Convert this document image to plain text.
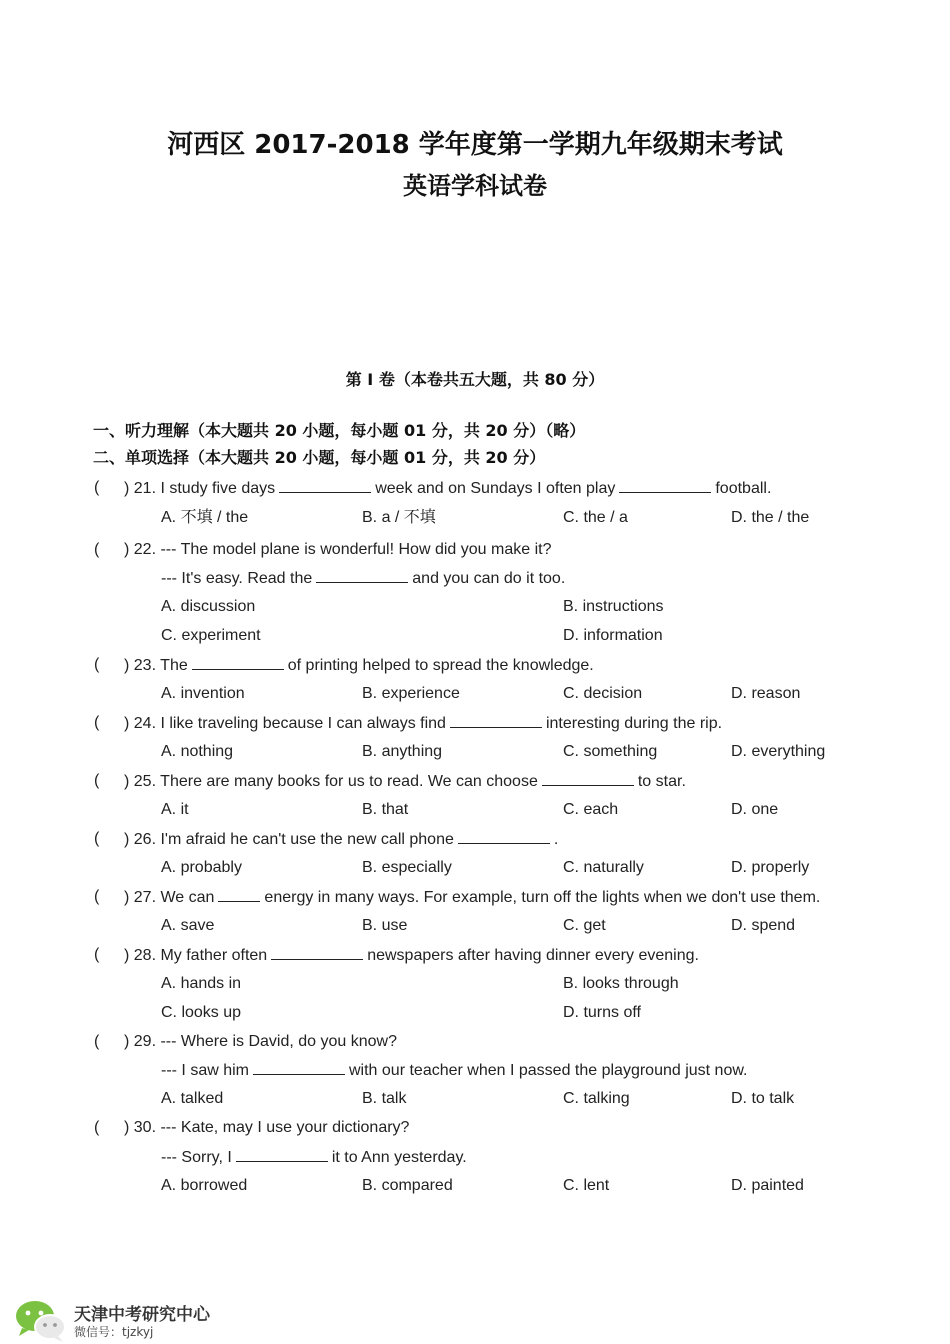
河西区 2017-2018 学年度第一学期九年级期末考试
英语学科试卷
第 I 卷（本卷共五大题，共 80 分）
一、听力理解（本大题共 20 小题，每小题 01 分，共 20 分）（略）
二、单项选择（本大题共 20 小题，每小题 01 分，共 20 分）
( ) 21. I study five days	week and on Sundays I often play	football.
A. 不填 / the	B. a / 不填	C. the / a	D. the / the
( ) 22. --- The model plane is wonderful! How did you make it?
--- It's easy. Read the	and you can do it too.
A. discussion	B. instructions
C. experiment	D. information
( ) 23. The	of printing helped to spread the knowledge.
A. invention	B. experience	C. decision	D. reason
( ) 24. I like traveling because I can always find	interesting during the rip.
A. nothing	B. anything	C. something	D. everything
( ) 25. There are many books for us to read. We can choose	to star.
A. it	B. that	C. each	D. one
( ) 26. I'm afraid he can't use the new call phone	.
A. probably	B. especially	C. naturally	D. properly
( ) 27. We can	energy in many ways. For example, turn off the lights when we don't use them.
A. save	B. use	C. get	D. spend
( ) 28. My father often	newspapers after having dinner every evening.
A. hands in	B. looks through
C. looks up	D. turns off
( ) 29. --- Where is David, do you know?
--- I saw him	with our teacher when I passed the playground just now.
A. talked	B. talk	C. talking	D. to talk
( ) 30. --- Kate, may I use your dictionary?
--- Sorry, I	it to Ann yesterday.
A. borrowed	B. compared	C. lent	D. painted
天津中考研究中心
微信号：tjzkyj
